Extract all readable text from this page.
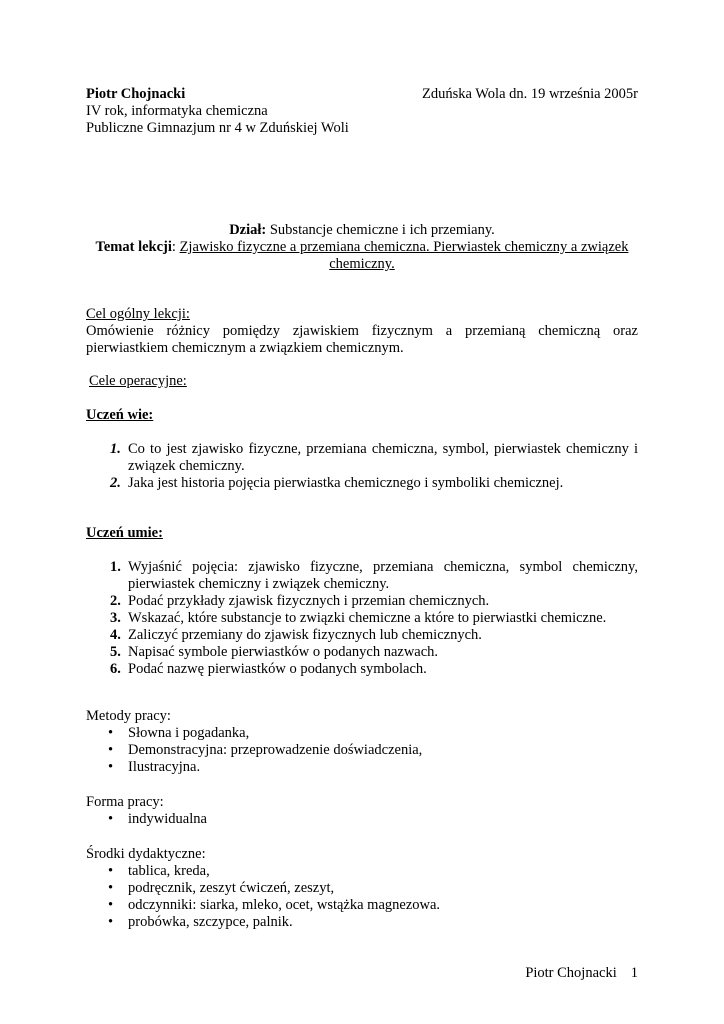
Piotr Chojnacki	Zduńska Wola dn. 19 września 2005r
IV rok, informatyka chemiczna
Publiczne Gimnazjum nr 4 w Zduńskiej Woli
Dział: Substancje chemiczne i ich przemiany.
Temat lekcji: Zjawisko fizyczne a przemiana chemiczna. Pierwiastek chemiczny a związek
chemiczny.
Cel ogólny lekcji:
Omówienie różnicy pomiędzy zjawiskiem fizycznym a przemianą chemiczną oraz pierwiastkiem chemicznym a związkiem chemicznym.
Cele operacyjne:
Uczeń wie:
1. Co to jest zjawisko fizyczne, przemiana chemiczna, symbol, pierwiastek chemiczny i związek chemiczny.
2. Jaka jest historia pojęcia pierwiastka chemicznego i symboliki chemicznej.
Uczeń umie:
1. Wyjaśnić pojęcia: zjawisko fizyczne, przemiana chemiczna, symbol chemiczny, pierwiastek chemiczny i związek chemiczny.
2. Podać przykłady zjawisk fizycznych i przemian chemicznych.
3. Wskazać, które substancje to związki chemiczne a które to pierwiastki chemiczne.
4. Zaliczyć przemiany do zjawisk fizycznych lub chemicznych.
5. Napisać symbole pierwiastków o podanych nazwach.
6. Podać nazwę pierwiastków o podanych symbolach.
Metody pracy:
• Słowna i pogadanka,
• Demonstracyjna: przeprowadzenie doświadczenia,
• Ilustracyjna.
Forma pracy:
• indywidualna
Środki dydaktyczne:
• tablica, kreda,
• podręcznik, zeszyt ćwiczeń, zeszyt,
• odczynniki: siarka, mleko, ocet, wstążka magnezowa.
• probówka, szczypce, palnik.
Piotr Chojnacki 1
